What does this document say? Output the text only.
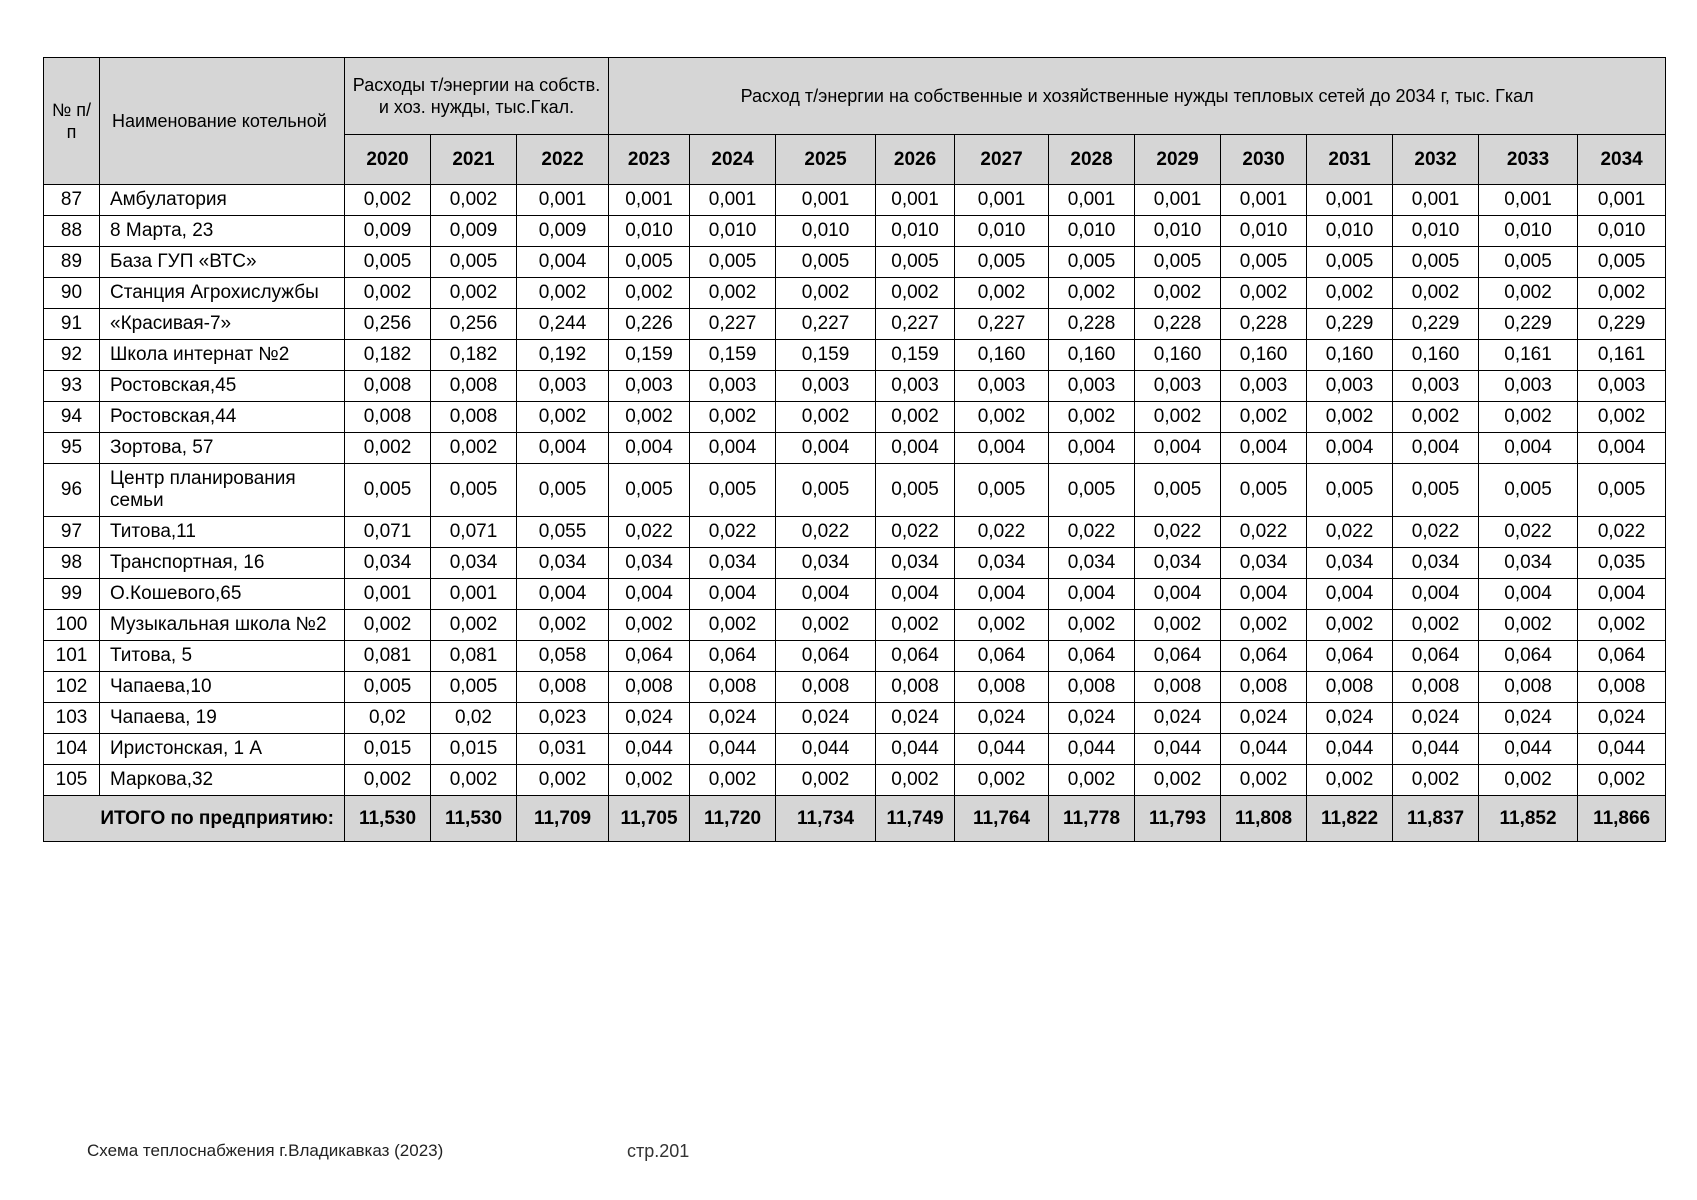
№ п/п	Наименование котельной	Расходы т/энергии на собств. и хоз. нужды, тыс.Гкал.			Расход т/энергии на собственные и хозяйственные нужды тепловых сетей до 2034 г, тыс. Гкал											
		2020	2021	2022	2023	2024	2025	2026	2027	2028	2029	2030	2031	2032	2033	2034
87	Амбулатория	0,002	0,002	0,001	0,001	0,001	0,001	0,001	0,001	0,001	0,001	0,001	0,001	0,001	0,001	0,001
88	8 Марта, 23	0,009	0,009	0,009	0,010	0,010	0,010	0,010	0,010	0,010	0,010	0,010	0,010	0,010	0,010	0,010
89	База ГУП «ВТС»	0,005	0,005	0,004	0,005	0,005	0,005	0,005	0,005	0,005	0,005	0,005	0,005	0,005	0,005	0,005
90	Станция Агрохислужбы	0,002	0,002	0,002	0,002	0,002	0,002	0,002	0,002	0,002	0,002	0,002	0,002	0,002	0,002	0,002
91	«Красивая-7»	0,256	0,256	0,244	0,226	0,227	0,227	0,227	0,227	0,228	0,228	0,228	0,229	0,229	0,229	0,229
92	Школа интернат №2	0,182	0,182	0,192	0,159	0,159	0,159	0,159	0,160	0,160	0,160	0,160	0,160	0,160	0,161	0,161
93	Ростовская,45	0,008	0,008	0,003	0,003	0,003	0,003	0,003	0,003	0,003	0,003	0,003	0,003	0,003	0,003	0,003
94	Ростовская,44	0,008	0,008	0,002	0,002	0,002	0,002	0,002	0,002	0,002	0,002	0,002	0,002	0,002	0,002	0,002
95	Зортова, 57	0,002	0,002	0,004	0,004	0,004	0,004	0,004	0,004	0,004	0,004	0,004	0,004	0,004	0,004	0,004
96	Центр планирования семьи	0,005	0,005	0,005	0,005	0,005	0,005	0,005	0,005	0,005	0,005	0,005	0,005	0,005	0,005	0,005
97	Титова,11	0,071	0,071	0,055	0,022	0,022	0,022	0,022	0,022	0,022	0,022	0,022	0,022	0,022	0,022	0,022
98	Транспортная, 16	0,034	0,034	0,034	0,034	0,034	0,034	0,034	0,034	0,034	0,034	0,034	0,034	0,034	0,034	0,035
99	О.Кошевого,65	0,001	0,001	0,004	0,004	0,004	0,004	0,004	0,004	0,004	0,004	0,004	0,004	0,004	0,004	0,004
100	Музыкальная школа №2	0,002	0,002	0,002	0,002	0,002	0,002	0,002	0,002	0,002	0,002	0,002	0,002	0,002	0,002	0,002
101	Титова, 5	0,081	0,081	0,058	0,064	0,064	0,064	0,064	0,064	0,064	0,064	0,064	0,064	0,064	0,064	0,064
102	Чапаева,10	0,005	0,005	0,008	0,008	0,008	0,008	0,008	0,008	0,008	0,008	0,008	0,008	0,008	0,008	0,008
103	Чапаева, 19	0,02	0,02	0,023	0,024	0,024	0,024	0,024	0,024	0,024	0,024	0,024	0,024	0,024	0,024	0,024
104	Иристонская, 1 А	0,015	0,015	0,031	0,044	0,044	0,044	0,044	0,044	0,044	0,044	0,044	0,044	0,044	0,044	0,044
105	Маркова,32	0,002	0,002	0,002	0,002	0,002	0,002	0,002	0,002	0,002	0,002	0,002	0,002	0,002	0,002	0,002
ИТОГО по предприятию:		11,530	11,530	11,709	11,705	11,720	11,734	11,749	11,764	11,778	11,793	11,808	11,822	11,837	11,852	11,866
Схема теплоснабжения г.Владикавказ (2023)	стр.201
